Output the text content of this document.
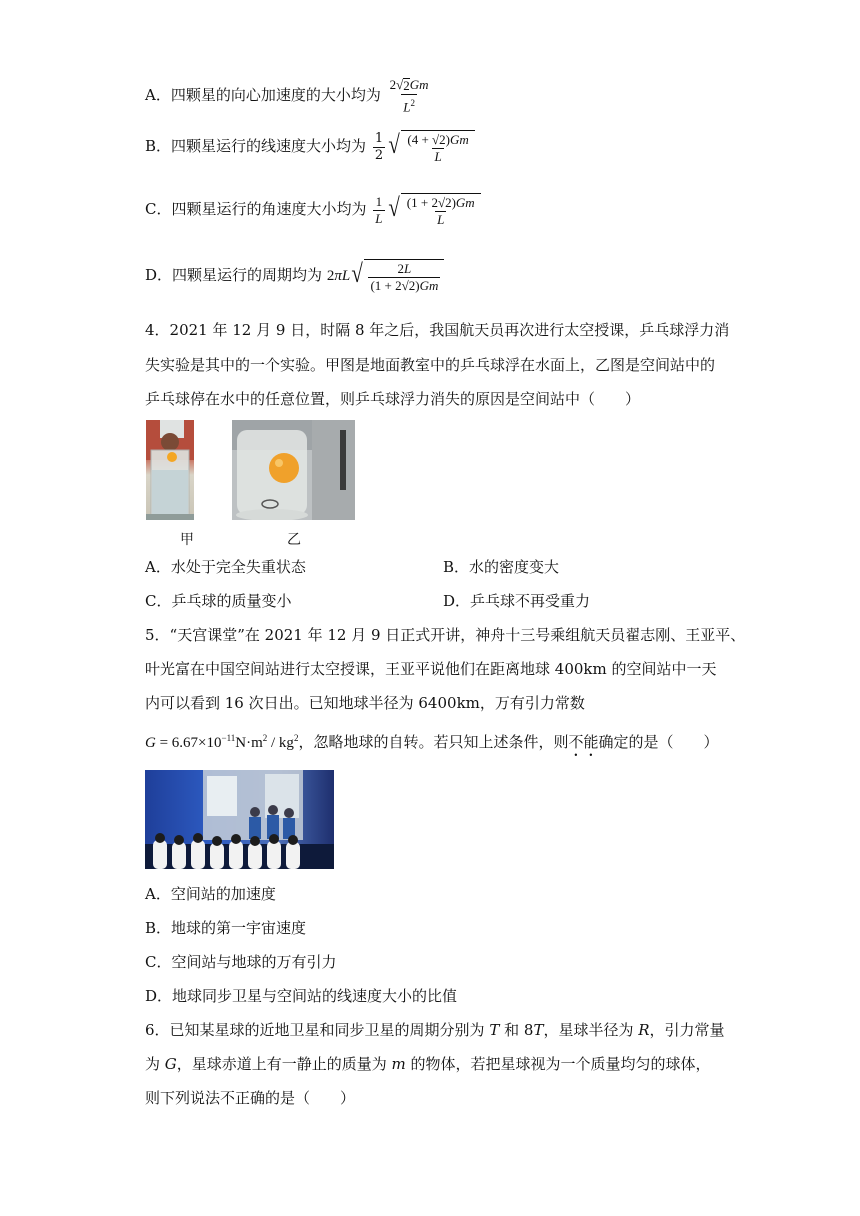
A．四颗星的向心加速度的大小均为 $\frac{2 √ 2 Gm}{L^2}$
B．四颗星运行的线速度大小均为 $\frac{1}{2}$ √ $\frac{(4 + √2)Gm}{L}$
C．四颗星运行的角速度大小均为 $\frac{1}{L}$ √ $\frac{(1 + 2√2)Gm}{L}$
D．四颗星运行的周期均为 2πL √ $\frac{2L}{(1 + 2√2)Gm}$
4．2021 年 12 月 9 日，时隔 8 年之后，我国航天员再次进行太空授课，乒乓球浮力消
失实验是其中的一个实验。甲图是地面教室中的乒乓球浮在水面上，乙图是空间站中的
乒乓球停在水中的任意位置，则乒乓球浮力消失的原因是空间站中（　　）
甲	乙
A．水处于完全失重状态	B．水的密度变大
C．乒乓球的质量变小	D．乒乓球不再受重力
5．“天宫课堂”在 2021 年 12 月 9 日正式开讲，神舟十三号乘组航天员翟志刚、王亚平、
叶光富在中国空间站进行太空授课，王亚平说他们在距离地球 400km 的空间站中一天
内可以看到 16 次日出。已知地球半径为 6400km，万有引力常数
$G = 6.67\times 10^{-11}N\cdot m^2 / kg^2$，忽略地球的自转。若只知上述条件，则不能确定的是（　　）
A．空间站的加速度
B．地球的第一宇宙速度
C．空间站与地球的万有引力
D．地球同步卫星与空间站的线速度大小的比值
6．已知某星球的近地卫星和同步卫星的周期分别为 T 和 8T，星球半径为 R，引力常量
为 G，星球赤道上有一静止的质量为 m 的物体，若把星球视为一个质量均匀的球体，
则下列说法不正确的是（　　）
